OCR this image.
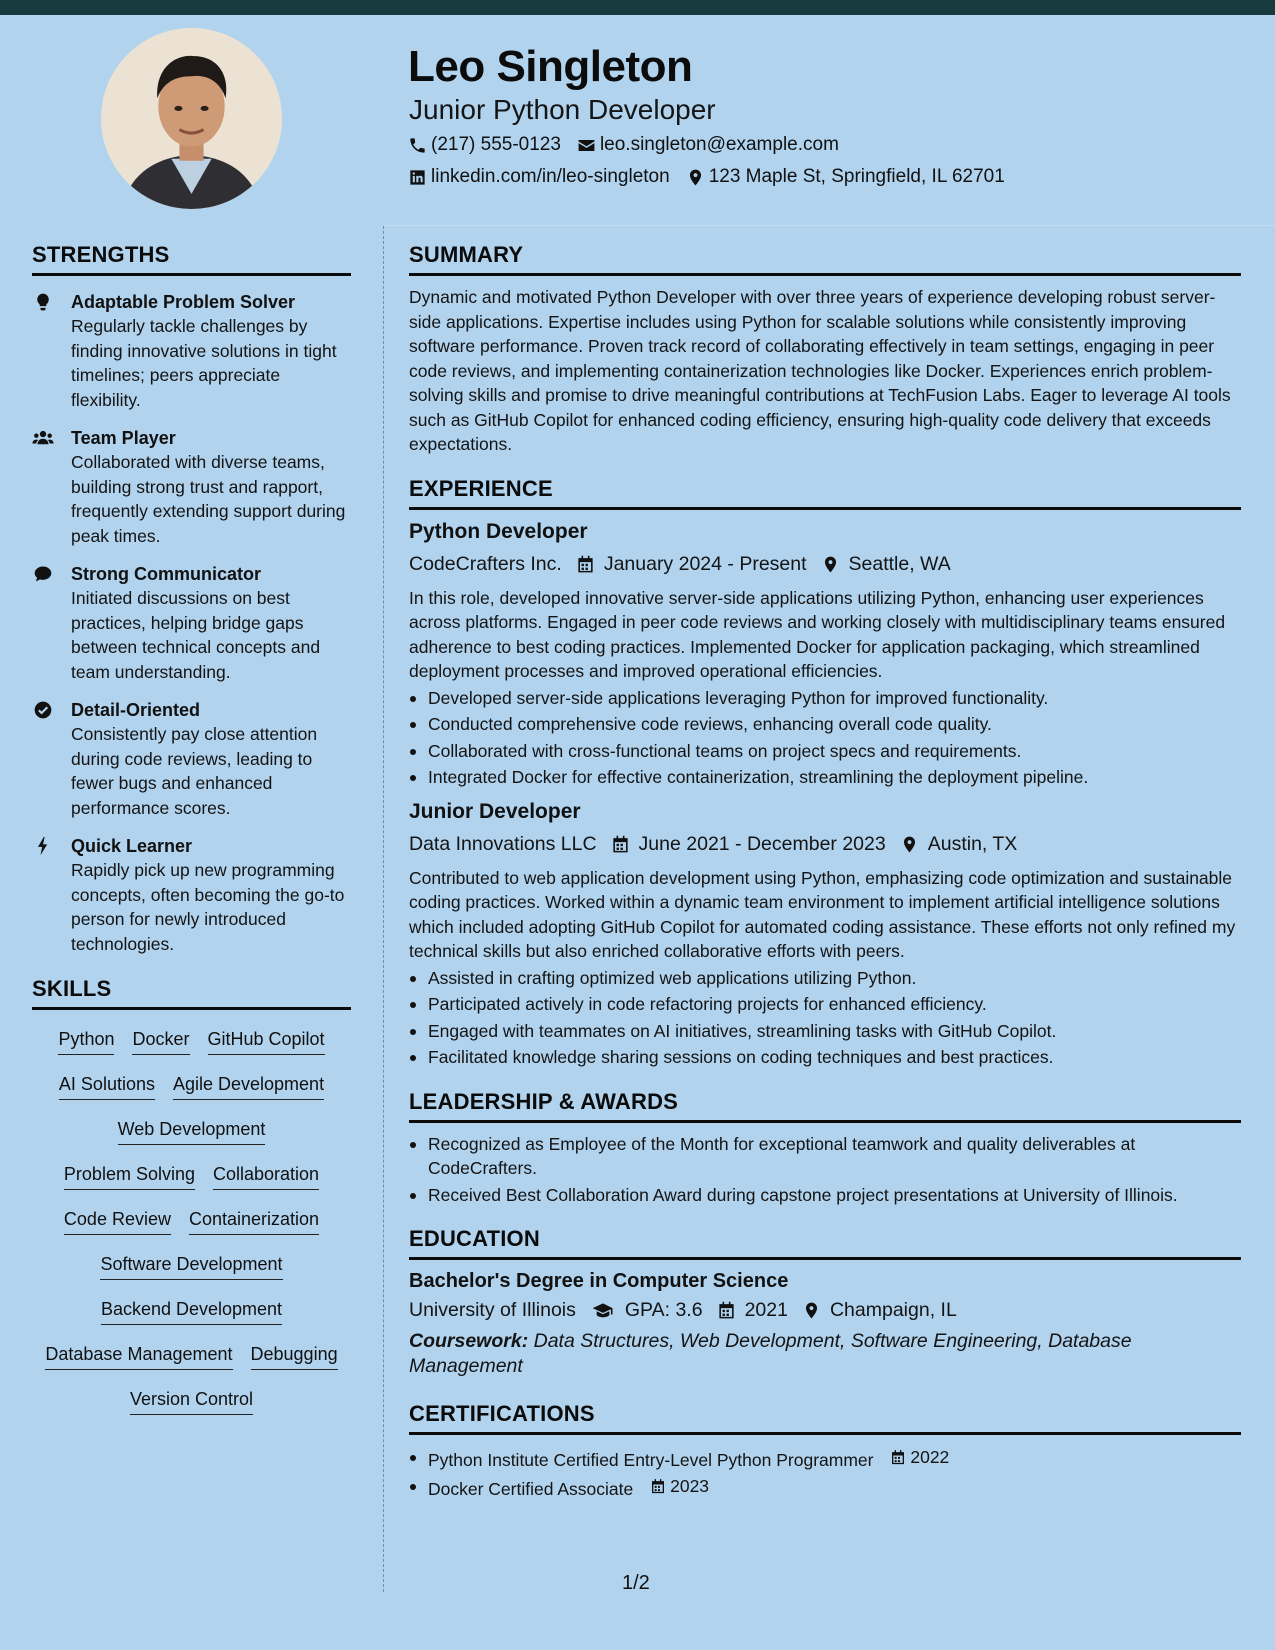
Leo Singleton
Junior Python Developer
(217) 555-0123 leo.singleton@example.com
linkedin.com/in/leo-singleton 123 Maple St, Springfield, IL 62701
STRENGTHS
Adaptable Problem Solver
Regularly tackle challenges by finding innovative solutions in tight timelines; peers appreciate flexibility.
Team Player
Collaborated with diverse teams, building strong trust and rapport, frequently extending support during peak times.
Strong Communicator
Initiated discussions on best practices, helping bridge gaps between technical concepts and team understanding.
Detail-Oriented
Consistently pay close attention during code reviews, leading to fewer bugs and enhanced performance scores.
Quick Learner
Rapidly pick up new programming concepts, often becoming the go-to person for newly introduced technologies.
SKILLS
Python Docker GitHub Copilot
AI Solutions Agile Development
Web Development
Problem Solving Collaboration
Code Review Containerization
Software Development
Backend Development
Database Management Debugging
Version Control
SUMMARY
Dynamic and motivated Python Developer with over three years of experience developing robust server-side applications. Expertise includes using Python for scalable solutions while consistently improving software performance. Proven track record of collaborating effectively in team settings, engaging in peer code reviews, and implementing containerization technologies like Docker. Experiences enrich problem-solving skills and promise to drive meaningful contributions at TechFusion Labs. Eager to leverage AI tools such as GitHub Copilot for enhanced coding efficiency, ensuring high-quality code delivery that exceeds expectations.
EXPERIENCE
Python Developer
CodeCrafters Inc. January 2024 - Present Seattle, WA
In this role, developed innovative server-side applications utilizing Python, enhancing user experiences across platforms. Engaged in peer code reviews and working closely with multidisciplinary teams ensured adherence to best coding practices. Implemented Docker for application packaging, which streamlined deployment processes and improved operational efficiencies.
Developed server-side applications leveraging Python for improved functionality.
Conducted comprehensive code reviews, enhancing overall code quality.
Collaborated with cross-functional teams on project specs and requirements.
Integrated Docker for effective containerization, streamlining the deployment pipeline.
Junior Developer
Data Innovations LLC June 2021 - December 2023 Austin, TX
Contributed to web application development using Python, emphasizing code optimization and sustainable coding practices. Worked within a dynamic team environment to implement artificial intelligence solutions which included adopting GitHub Copilot for automated coding assistance. These efforts not only refined my technical skills but also enriched collaborative efforts with peers.
Assisted in crafting optimized web applications utilizing Python.
Participated actively in code refactoring projects for enhanced efficiency.
Engaged with teammates on AI initiatives, streamlining tasks with GitHub Copilot.
Facilitated knowledge sharing sessions on coding techniques and best practices.
LEADERSHIP & AWARDS
Recognized as Employee of the Month for exceptional teamwork and quality deliverables at CodeCrafters.
Received Best Collaboration Award during capstone project presentations at University of Illinois.
EDUCATION
Bachelor's Degree in Computer Science
University of Illinois	GPA: 3.6 2021 Champaign, IL
Coursework: Data Structures, Web Development, Software Engineering, Database Management
CERTIFICATIONS
Python Institute Certified Entry-Level Python Programmer 2022
Docker Certified Associate 2023
1/2
